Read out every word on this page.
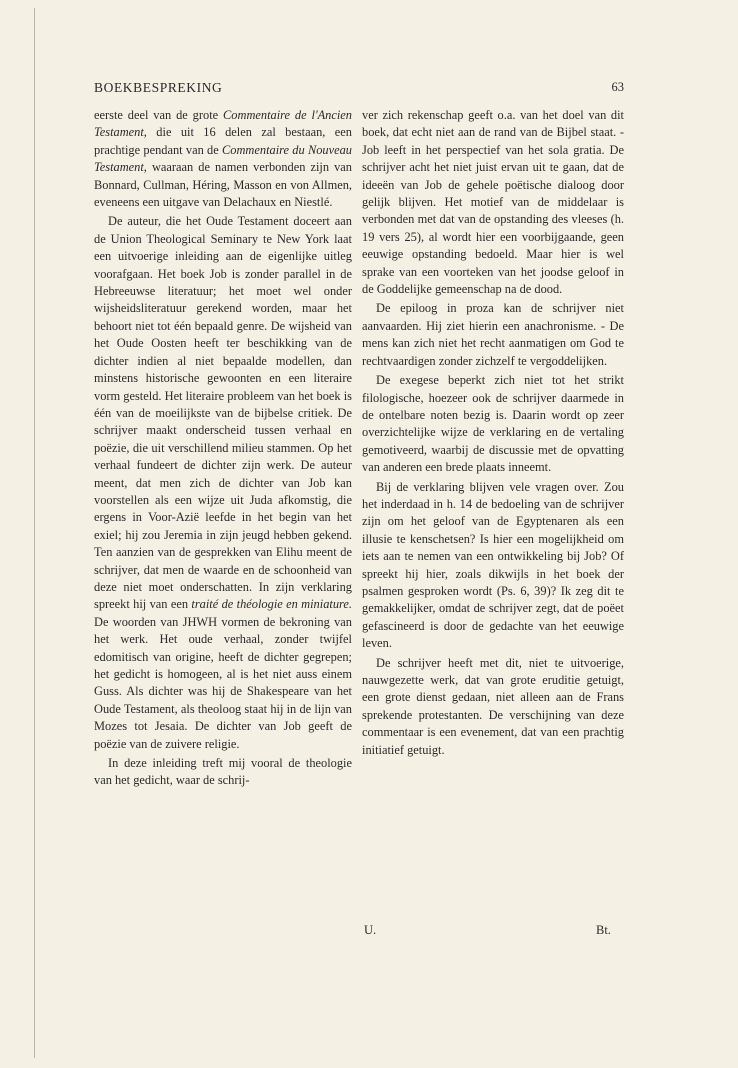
BOEKBESPREKING	63

eerste deel van de grote Commentaire de l'Ancien Testament, die uit 16 delen zal bestaan, een prachtige pendant van de Commentaire du Nouveau Testament, waaraan de namen verbonden zijn van Bonnard, Cullman, Héring, Masson en von Allmen, eveneens een uitgave van Delachaux en Niestlé.

De auteur, die het Oude Testament doceert aan de Union Theological Seminary te New York laat een uitvoerige inleiding aan de eigenlijke uitleg voorafgaan. Het boek Job is zonder parallel in de Hebreeuwse literatuur; het moet wel onder wijsheidsliteratuur gerekend worden, maar het behoort niet tot één bepaald genre. De wijsheid van het Oude Oosten heeft ter beschikking van de dichter indien al niet bepaalde modellen, dan minstens historische gewoonten en een literaire vorm gesteld. Het literaire probleem van het boek is één van de moeilijkste van de bijbelse critiek. De schrijver maakt onderscheid tussen verhaal en poëzie, die uit verschillend milieu stammen. Op het verhaal fundeert de dichter zijn werk. De auteur meent, dat men zich de dichter van Job kan voorstellen als een wijze uit Juda afkomstig, die ergens in Voor-Azië leefde in het begin van het exiel; hij zou Jeremia in zijn jeugd hebben gekend. Ten aanzien van de gesprekken van Elihu meent de schrijver, dat men de waarde en de schoonheid van deze niet moet onderschatten. In zijn verklaring spreekt hij van een traité de théologie en miniature. De woorden van JHWH vormen de bekroning van het werk. Het oude verhaal, zonder twijfel edomitisch van origine, heeft de dichter gegrepen; het gedicht is homogeen, al is het niet auss einem Guss. Als dichter was hij de Shakespeare van het Oude Testament, als theoloog staat hij in de lijn van Mozes tot Jesaia. De dichter van Job geeft de poëzie van de zuivere religie.

In deze inleiding treft mij vooral de theologie van het gedicht, waar de schrij-

ver zich rekenschap geeft o.a. van het doel van dit boek, dat echt niet aan de rand van de Bijbel staat. - Job leeft in het perspectief van het sola gratia. De schrijver acht het niet juist ervan uit te gaan, dat de ideeën van Job de gehele poëtische dialoog door gelijk blijven. Het motief van de middelaar is verbonden met dat van de opstanding des vleeses (h. 19 vers 25), al wordt hier een voorbijgaande, geen eeuwige opstanding bedoeld. Maar hier is wel sprake van een voorteken van het joodse geloof in de Goddelijke gemeenschap na de dood.

De epiloog in proza kan de schrijver niet aanvaarden. Hij ziet hierin een anachronisme. - De mens kan zich niet het recht aanmatigen om God te rechtvaardigen zonder zichzelf te vergoddelijken.

De exegese beperkt zich niet tot het strikt filologische, hoezeer ook de schrijver daarmede in de ontelbare noten bezig is. Daarin wordt op zeer overzichtelijke wijze de verklaring en de vertaling gemotiveerd, waarbij de discussie met de opvatting van anderen een brede plaats inneemt.

Bij de verklaring blijven vele vragen over. Zou het inderdaad in h. 14 de bedoeling van de schrijver zijn om het geloof van de Egyptenaren als een illusie te kenschetsen? Is hier een mogelijkheid om iets aan te nemen van een ontwikkeling bij Job? Of spreekt hij hier, zoals dikwijls in het boek der psalmen gesproken wordt (Ps. 6, 39)? Ik zeg dit te gemakkelijker, omdat de schrijver zegt, dat de poëet gefascineerd is door de gedachte van het eeuwige leven.

De schrijver heeft met dit, niet te uitvoerige, nauwgezette werk, dat van grote eruditie getuigt, een grote dienst gedaan, niet alleen aan de Frans sprekende protestanten. De verschijning van deze commentaar is een evenement, dat van een prachtig initiatief getuigt.

U.	Bt.
